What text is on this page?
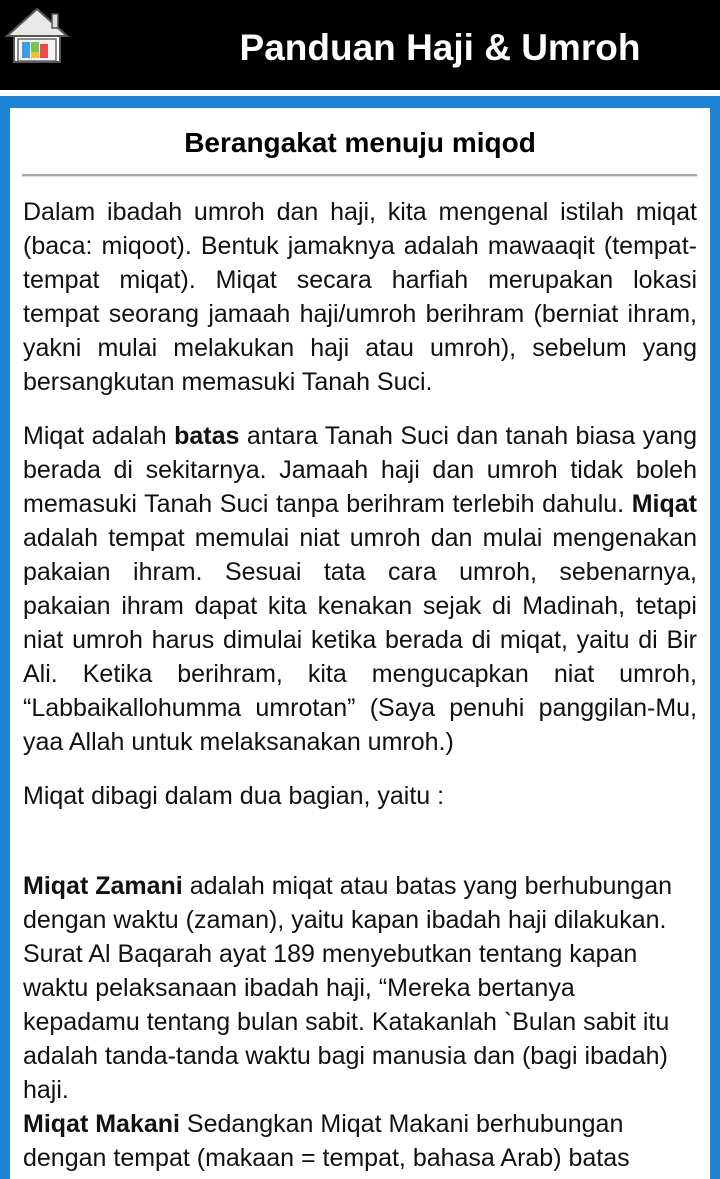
Panduan Haji & Umroh
Berangakat menuju miqod

Dalam ibadah umroh dan haji, kita mengenal istilah miqat (baca: miqoot). Bentuk jamaknya adalah mawaaqit (tempat-tempat miqat). Miqat secara harfiah merupakan lokasi tempat seorang jamaah haji/umroh berihram (berniat ihram, yakni mulai melakukan haji atau umroh), sebelum yang bersangkutan memasuki Tanah Suci.

Miqat adalah batas antara Tanah Suci dan tanah biasa yang berada di sekitarnya. Jamaah haji dan umroh tidak boleh memasuki Tanah Suci tanpa berihram terlebih dahulu. Miqat adalah tempat memulai niat umroh dan mulai mengenakan pakaian ihram. Sesuai tata cara umroh, sebenarnya, pakaian ihram dapat kita kenakan sejak di Madinah, tetapi niat umroh harus dimulai ketika berada di miqat, yaitu di Bir Ali. Ketika berihram, kita mengucapkan niat umroh, “Labbaikallohumma umrotan” (Saya penuhi panggilan-Mu, yaa Allah untuk melaksanakan umroh.)

Miqat dibagi dalam dua bagian, yaitu :

Miqat Zamani adalah miqat atau batas yang berhubungan dengan waktu (zaman), yaitu kapan ibadah haji dilakukan. Surat Al Baqarah ayat 189 menyebutkan tentang kapan waktu pelaksanaan ibadah haji, “Mereka bertanya kepadamu tentang bulan sabit. Katakanlah `Bulan sabit itu adalah tanda-tanda waktu bagi manusia dan (bagi ibadah) haji.

Miqat Makani Sedangkan Miqat Makani berhubungan dengan tempat (makaan = tempat, bahasa Arab) batas
